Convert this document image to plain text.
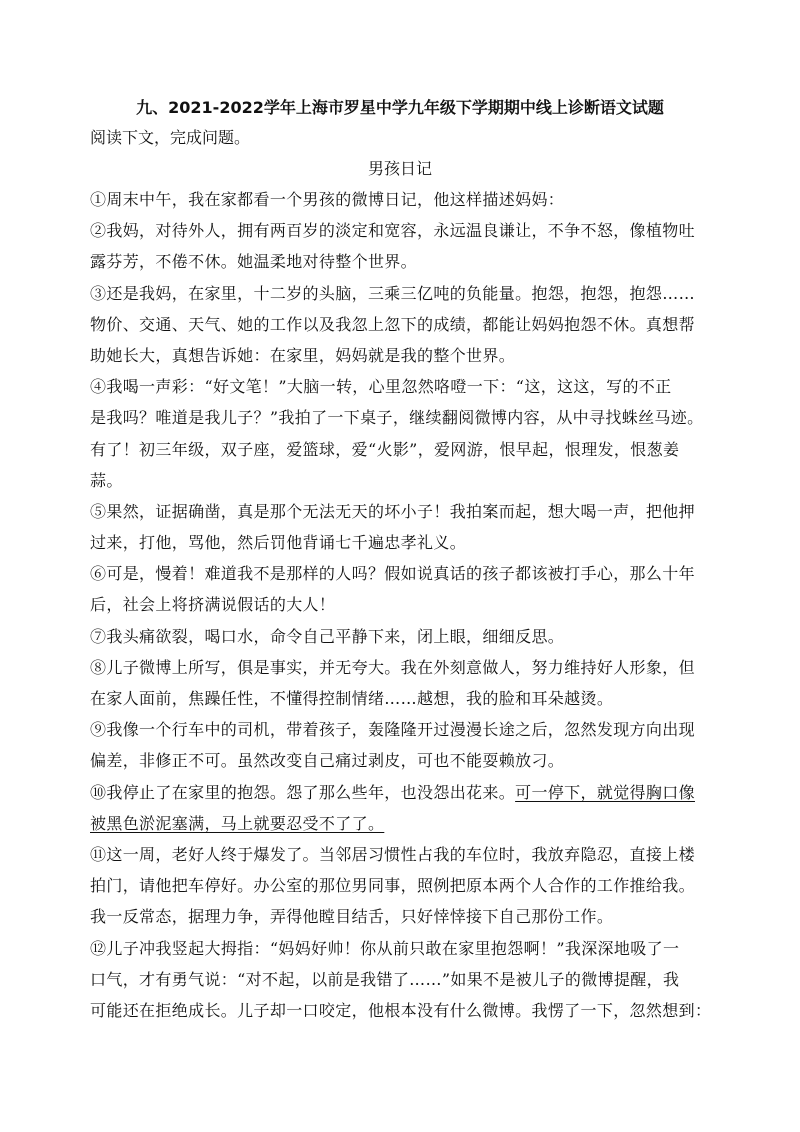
九、2021-2022学年上海市罗星中学九年级下学期期中线上诊断语文试题
阅读下文，完成问题。
男孩日记
①周末中午，我在家都看一个男孩的微博日记，他这样描述妈妈：
②我妈，对待外人，拥有两百岁的淡定和宽容，永远温良谦让，不争不怒，像植物吐
露芬芳，不倦不休。她温柔地对待整个世界。
③还是我妈，在家里，十二岁的头脑，三乘三亿吨的负能量。抱怨，抱怨，抱怨……
物价、交通、天气、她的工作以及我忽上忽下的成绩，都能让妈妈抱怨不休。真想帮
助她长大，真想告诉她：在家里，妈妈就是我的整个世界。
④我喝一声彩：“好文笔！”大脑一转，心里忽然咯噔一下：“这，这这，写的不正
是我吗？唯道是我儿子？”我拍了一下桌子，继续翻阅微博内容，从中寻找蛛丝马迹。
有了！初三年级，双子座，爱篮球，爱“火影”，爱网游，恨早起，恨理发，恨葱姜
蒜。
⑤果然，证据确凿，真是那个无法无天的坏小子！我拍案而起，想大喝一声，把他押
过来，打他，骂他，然后罚他背诵七千遍忠孝礼义。
⑥可是，慢着！难道我不是那样的人吗？假如说真话的孩子都该被打手心，那么十年
后，社会上将挤满说假话的大人！
⑦我头痛欲裂，喝口水，命令自己平静下来，闭上眼，细细反思。
⑧儿子微博上所写，俱是事实，并无夸大。我在外刻意做人，努力维持好人形象，但
在家人面前，焦躁任性，不懂得控制情绪……越想，我的脸和耳朵越烫。
⑨我像一个行车中的司机，带着孩子，轰隆隆开过漫漫长途之后，忽然发现方向出现
偏差，非修正不可。虽然改变自己痛过剥皮，可也不能耍赖放刁。
⑩我停止了在家里的抱怨。怨了那么些年，也没怨出花来。可一停下，就觉得胸口像
被黑色淤泥塞满，马上就要忍受不了了。
⑪这一周，老好人终于爆发了。当邻居习惯性占我的车位时，我放弃隐忍，直接上楼
拍门，请他把车停好。办公室的那位男同事，照例把原本两个人合作的工作推给我。
我一反常态，据理力争，弄得他瞠目结舌，只好悻悻接下自己那份工作。
⑫儿子冲我竖起大拇指：“妈妈好帅！你从前只敢在家里抱怨啊！”我深深地吸了一
口气，才有勇气说：“对不起，以前是我错了……”如果不是被儿子的微博提醒，我
可能还在拒绝成长。儿子却一口咬定，他根本没有什么微博。我愣了一下，忽然想到：
